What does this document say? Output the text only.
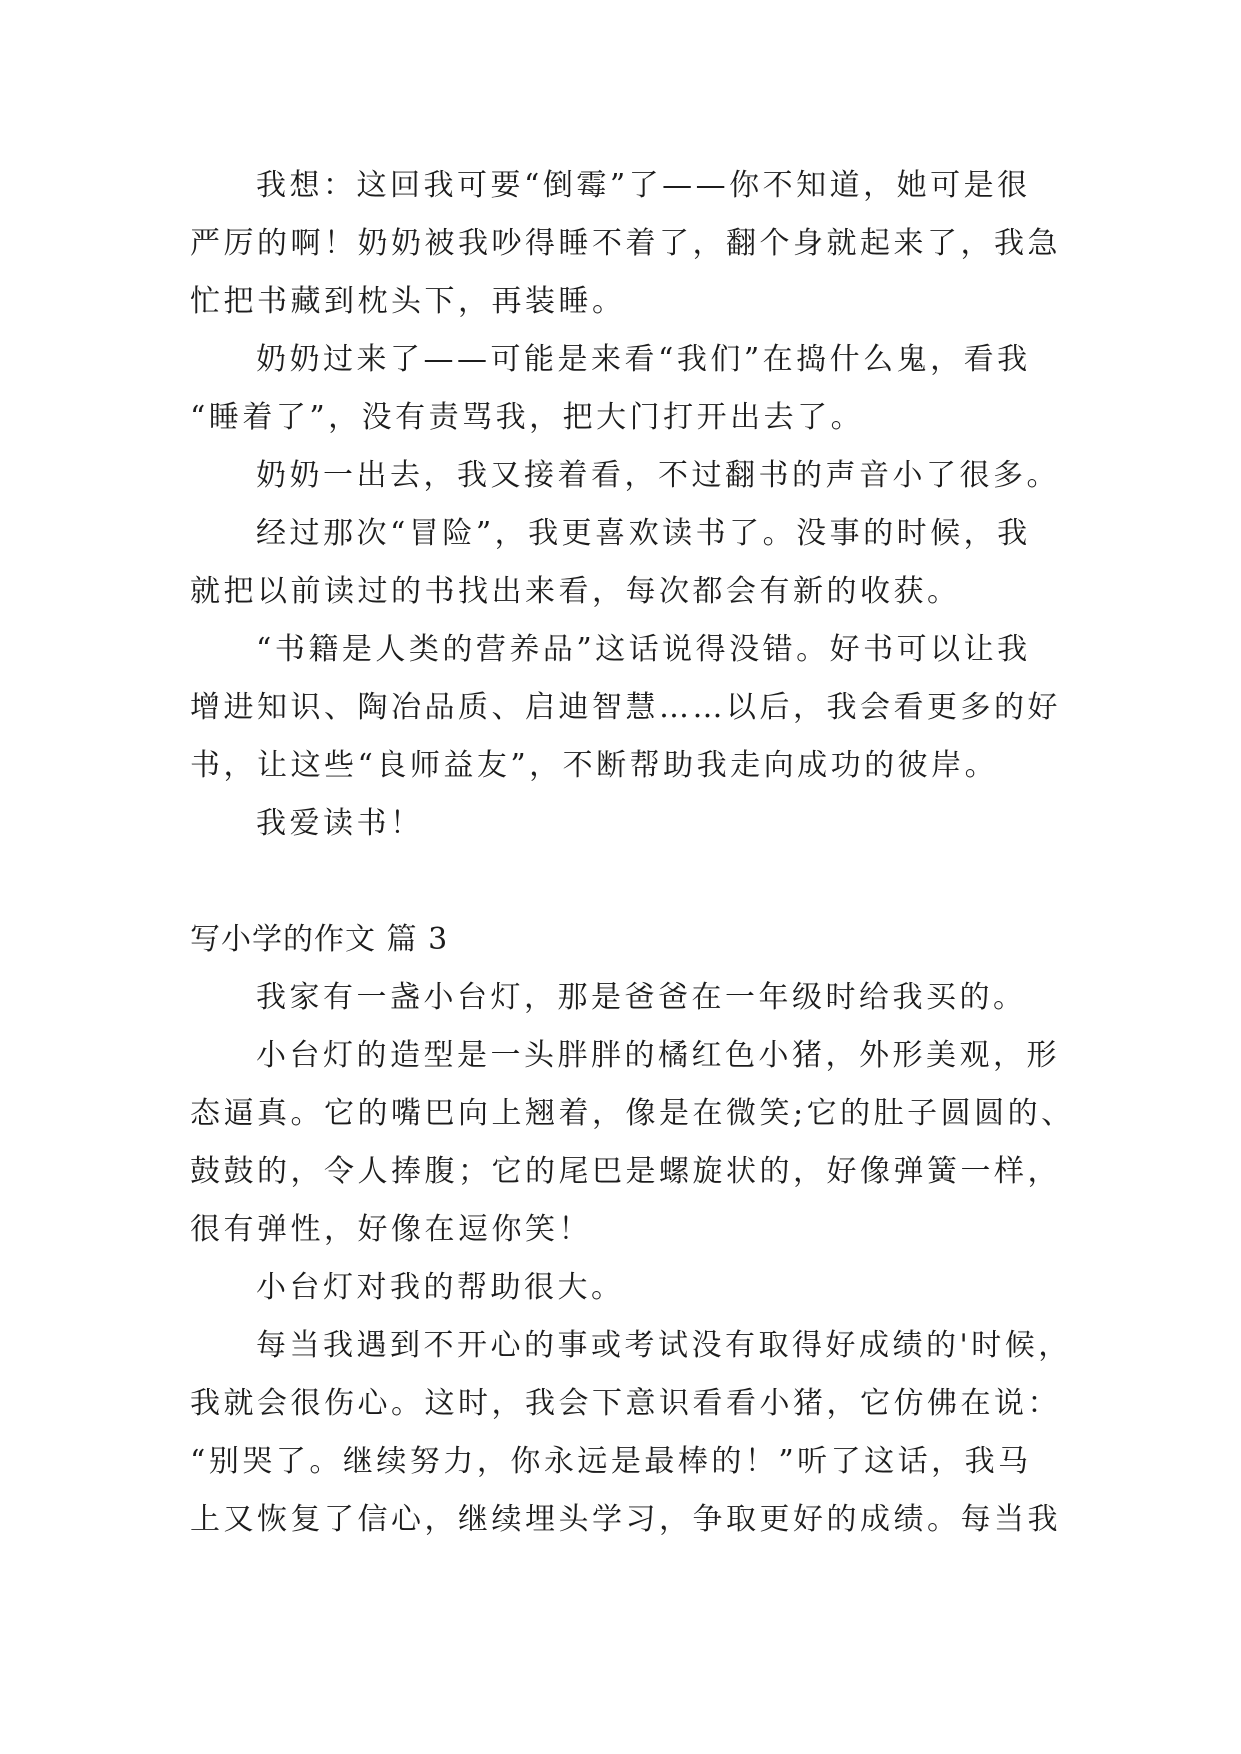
我想：这回我可要“倒霉”了——你不知道，她可是很
严厉的啊！奶奶被我吵得睡不着了，翻个身就起来了，我急
忙把书藏到枕头下，再装睡。
奶奶过来了——可能是来看“我们”在捣什么鬼，看我
“睡着了”，没有责骂我，把大门打开出去了。
奶奶一出去，我又接着看，不过翻书的声音小了很多。
经过那次“冒险”，我更喜欢读书了。没事的时候，我
就把以前读过的书找出来看，每次都会有新的收获。
“书籍是人类的营养品”这话说得没错。好书可以让我
增进知识、陶冶品质、启迪智慧……以后，我会看更多的好
书，让这些“良师益友”，不断帮助我走向成功的彼岸。
我爱读书！
写小学的作文 篇 3
我家有一盏小台灯，那是爸爸在一年级时给我买的。
小台灯的造型是一头胖胖的橘红色小猪，外形美观，形
态逼真。它的嘴巴向上翘着，像是在微笑;它的肚子圆圆的、
鼓鼓的，令人捧腹；它的尾巴是螺旋状的，好像弹簧一样，
很有弹性，好像在逗你笑！
小台灯对我的帮助很大。
每当我遇到不开心的事或考试没有取得好成绩的'时候，
我就会很伤心。这时，我会下意识看看小猪，它仿佛在说：
“别哭了。继续努力，你永远是最棒的！”听了这话，我马
上又恢复了信心，继续埋头学习，争取更好的成绩。每当我
